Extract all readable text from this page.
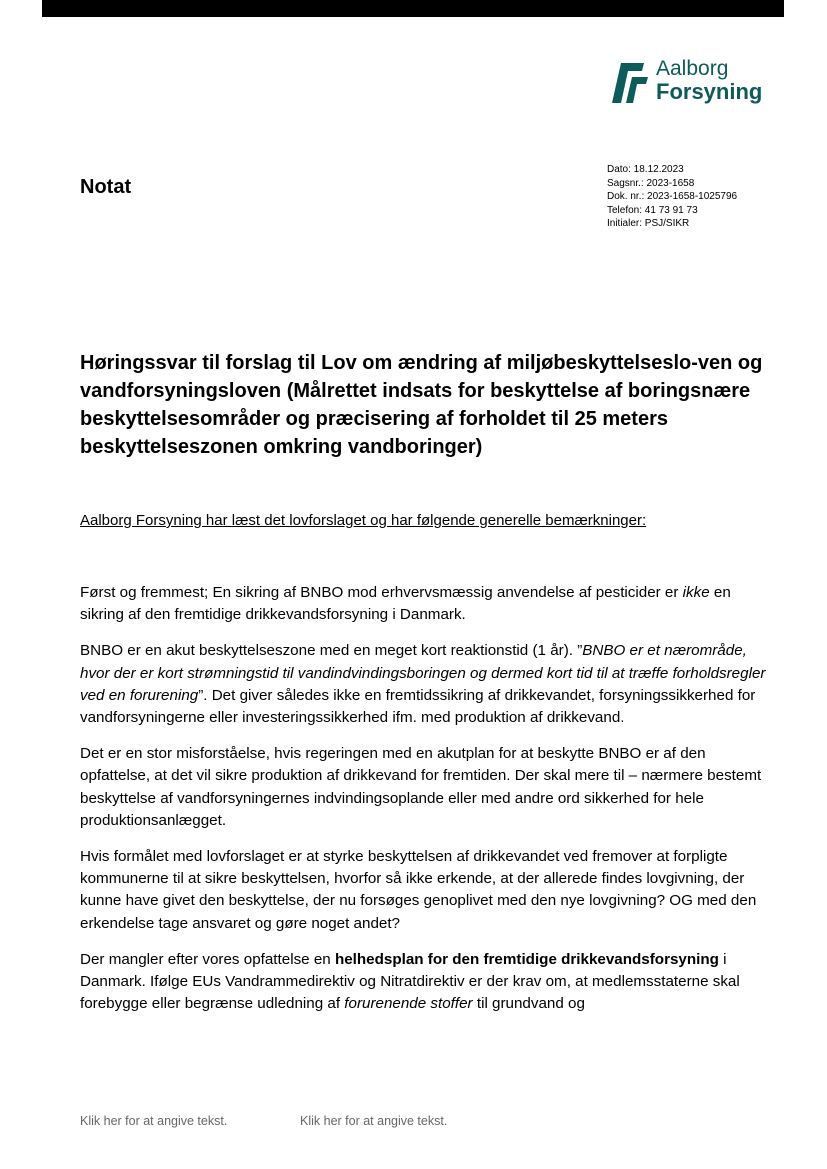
Aalborg
Forsyning
Notat
Dato: 18.12.2023
Sagsnr.: 2023-1658
Dok. nr.: 2023-1658-1025796
Telefon: 41 73 91 73
Initialer: PSJ/SIKR
Høringssvar til forslag til Lov om ændring af miljøbeskyttelseslo-ven og vandforsyningsloven (Målrettet indsats for beskyttelse af boringsnære beskyttelsesområder og præcisering af forholdet til 25 meters beskyttelseszonen omkring vandboringer)
Aalborg Forsyning har læst det lovforslaget og har følgende generelle bemærkninger:

Først og fremmest; En sikring af BNBO mod erhvervsmæssig anvendelse af pesticider er ikke en sikring af den fremtidige drikkevandsforsyning i Danmark.

BNBO er en akut beskyttelseszone med en meget kort reaktionstid (1 år). ”BNBO er et nærområde, hvor der er kort strømningstid til vandindvindingsboringen og dermed kort tid til at træffe forholdsregler ved en forurening”. Det giver således ikke en fremtidssikring af drikkevandet, forsyningssikkerhed for vandforsyningerne eller investeringssikkerhed ifm. med produktion af drikkevand.

Det er en stor misforståelse, hvis regeringen med en akutplan for at beskytte BNBO er af den opfattelse, at det vil sikre produktion af drikkevand for fremtiden. Der skal mere til – nærmere bestemt beskyttelse af vandforsyningernes indvindingsoplande eller med andre ord sikkerhed for hele produktionsanlægget.

Hvis formålet med lovforslaget er at styrke beskyttelsen af drikkevandet ved fremover at forpligte kommunerne til at sikre beskyttelsen, hvorfor så ikke erkende, at der allerede findes lovgivning, der kunne have givet den beskyttelse, der nu forsøges genoplivet med den nye lovgivning? OG med den erkendelse tage ansvaret og gøre noget andet?

Der mangler efter vores opfattelse en helhedsplan for den fremtidige drikkevandsforsyning i Danmark. Ifølge EUs Vandrammedirektiv og Nitratdirektiv er der krav om, at medlemsstaterne skal forebygge eller begrænse udledning af forurenende stoffer til grundvand og

Klik her for at angive tekst.	Klik her for at angive tekst.
